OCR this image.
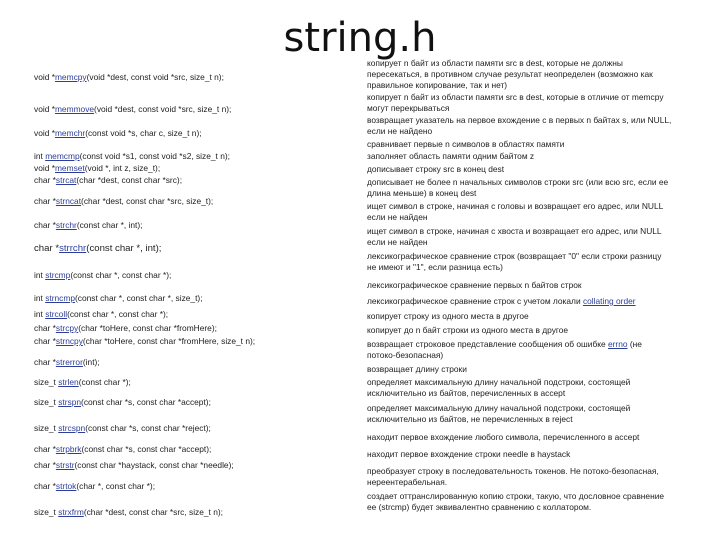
string.h
void *memcpy(void *dest, const void *src, size_t n);
void *memmove(void *dest, const void *src, size_t n);
void *memchr(const void *s, char c, size_t n);
int memcmp(const void *s1, const void *s2, size_t n);
void *memset(void *, int z, size_t);
char *strcat(char *dest, const char *src);
char *strncat(char *dest, const char *src, size_t);
char *strchr(const char *, int);
char *strrchr(const char *, int);
int strcmp(const char *, const char *);
int strncmp(const char *, const char *, size_t);
int strcoll(const char *, const char *);
char *strcpy(char *toHere, const char *fromHere);
char *strncpy(char *toHere, const char *fromHere, size_t n);
char *strerror(int);
size_t strlen(const char *);
size_t strspn(const char *s, const char *accept);
size_t strcspn(const char *s, const char *reject);
char *strpbrk(const char *s, const char *accept);
char *strstr(const char *haystack, const char *needle);
char *strtok(char *, const char *);
size_t strxfrm(char *dest, const char *src, size_t n);
копирует n байт из области памяти src в dest, которые не должны
пересекаться, в противном случае результат неопределен (возможно как
правильное копирование, так и нет)
копирует n байт из области памяти src в dest, которые в отличие от memcpy
могут перекрываться
возвращает указатель на первое вхождение с в первых n байтах s, или NULL,
если не найдено
сравнивает первые n символов в областях памяти
заполняет область памяти одним байтом z
дописывает строку src в конец dest
дописывает не более n начальных символов строки src (или всю src, если ее
длина меньше) в конец dest
ищет символ в строке, начиная с головы и возвращает его адрес, или NULL
если не найден
ищет символ в строке, начиная с хвоста и возвращает его адрес, или NULL
если не найден
лексикографическое сравнение строк (возвращает "0" если строки разницу
не имеют и "1", если разница есть)
лексикографическое сравнение первых n байтов строк
лексикографическое сравнение строк с учетом локали collating order
копирует строку из одного места в другое
копирует до n байт строки из одного места в другое
возвращает строковое представление сообщения об ошибке errno (не
потоко-безопасная)
возвращает длину строки
определяет максимальную длину начальной подстроки, состоящей
исключительно из байтов, перечисленных в accept
определяет максимальную длину начальной подстроки, состоящей
исключительно из байтов, не перечисленных в reject
находит первое вхождение любого символа, перечисленного в accept
находит первое вхождение строки needle в haystack
преобразует строку в последовательность токенов. Не потоко-безопасная,
нереентерабельная.
создает оттранслированную копию строки, такую, что дословное сравнение
ее (strcmp) будет эквивалентно сравнению с коллатором.
